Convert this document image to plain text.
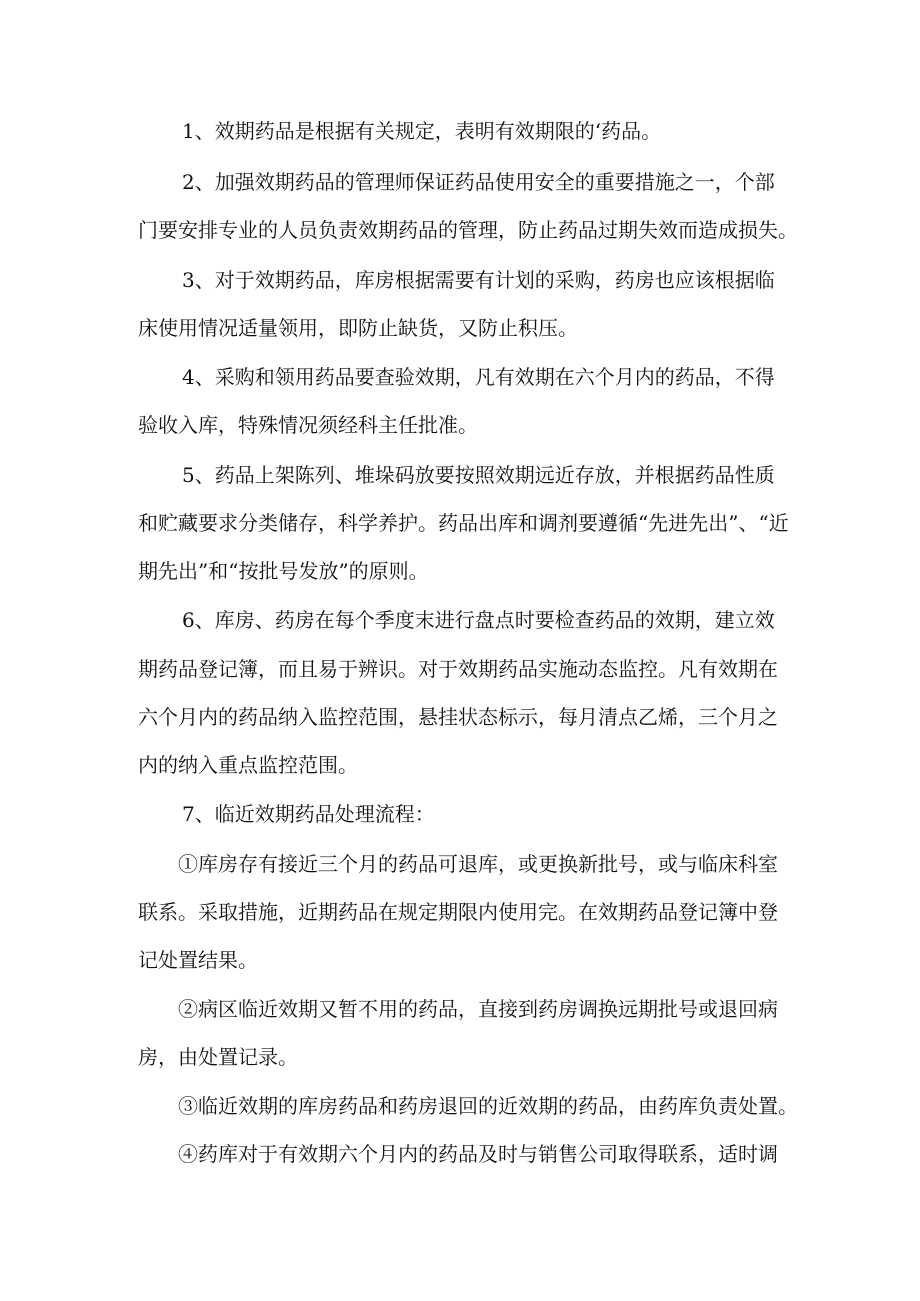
1、效期药品是根据有关规定，表明有效期限的‘药品。
2、加强效期药品的管理师保证药品使用安全的重要措施之一，个部
门要安排专业的人员负责效期药品的管理，防止药品过期失效而造成损失。
3、对于效期药品，库房根据需要有计划的采购，药房也应该根据临
床使用情况适量领用，即防止缺货，又防止积压。
4、采购和领用药品要查验效期，凡有效期在六个月内的药品，不得
验收入库，特殊情况须经科主任批准。
5、药品上架陈列、堆垛码放要按照效期远近存放，并根据药品性质
和贮藏要求分类储存，科学养护。药品出库和调剂要遵循“先进先出”、“近
期先出”和“按批号发放”的原则。
6、库房、药房在每个季度末进行盘点时要检查药品的效期，建立效
期药品登记簿，而且易于辨识。对于效期药品实施动态监控。凡有效期在
六个月内的药品纳入监控范围，悬挂状态标示，每月清点乙烯，三个月之
内的纳入重点监控范围。
7、临近效期药品处理流程：
①库房存有接近三个月的药品可退库，或更换新批号，或与临床科室
联系。采取措施，近期药品在规定期限内使用完。在效期药品登记簿中登
记处置结果。
②病区临近效期又暂不用的药品，直接到药房调换远期批号或退回病
房，由处置记录。
③临近效期的库房药品和药房退回的近效期的药品，由药库负责处置。
④药库对于有效期六个月内的药品及时与销售公司取得联系，适时调
